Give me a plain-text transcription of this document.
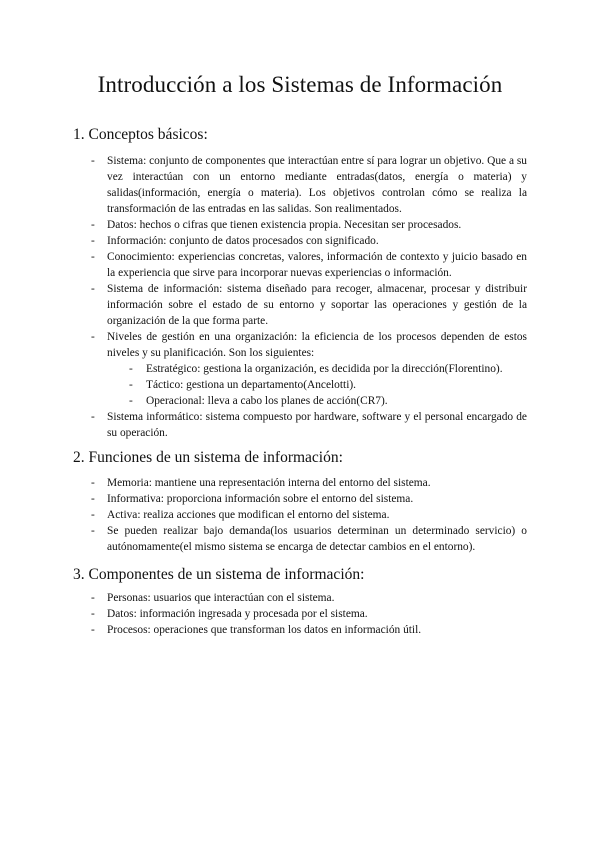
Introducción a los Sistemas de Información
1. Conceptos básicos:
- Sistema: conjunto de componentes que interactúan entre sí para lograr un objetivo. Que a su vez interactúan con un entorno mediante entradas(datos, energía o materia) y salidas(información, energía o materia). Los objetivos controlan cómo se realiza la transformación de las entradas en las salidas. Son realimentados.
- Datos: hechos o cifras que tienen existencia propia. Necesitan ser procesados.
- Información: conjunto de datos procesados con significado.
- Conocimiento: experiencias concretas, valores, información de contexto y juicio basado en la experiencia que sirve para incorporar nuevas experiencias o información.
- Sistema de información: sistema diseñado para recoger, almacenar, procesar y distribuir información sobre el estado de su entorno y soportar las operaciones y gestión de la organización de la que forma parte.
- Niveles de gestión en una organización: la eficiencia de los procesos dependen de estos niveles y su planificación. Son los siguientes:
- Estratégico: gestiona la organización, es decidida por la dirección(Florentino).
- Táctico: gestiona un departamento(Ancelotti).
- Operacional: lleva a cabo los planes de acción(CR7).
- Sistema informático: sistema compuesto por hardware, software y el personal encargado de su operación.
2. Funciones de un sistema de información:
- Memoria: mantiene una representación interna del entorno del sistema.
- Informativa: proporciona información sobre el entorno del sistema.
- Activa: realiza acciones que modifican el entorno del sistema.
- Se pueden realizar bajo demanda(los usuarios determinan un determinado servicio) o autónomamente(el mismo sistema se encarga de detectar cambios en el entorno).
3. Componentes de un sistema de información:
- Personas: usuarios que interactúan con el sistema.
- Datos: información ingresada y procesada por el sistema.
- Procesos: operaciones que transforman los datos en información útil.
